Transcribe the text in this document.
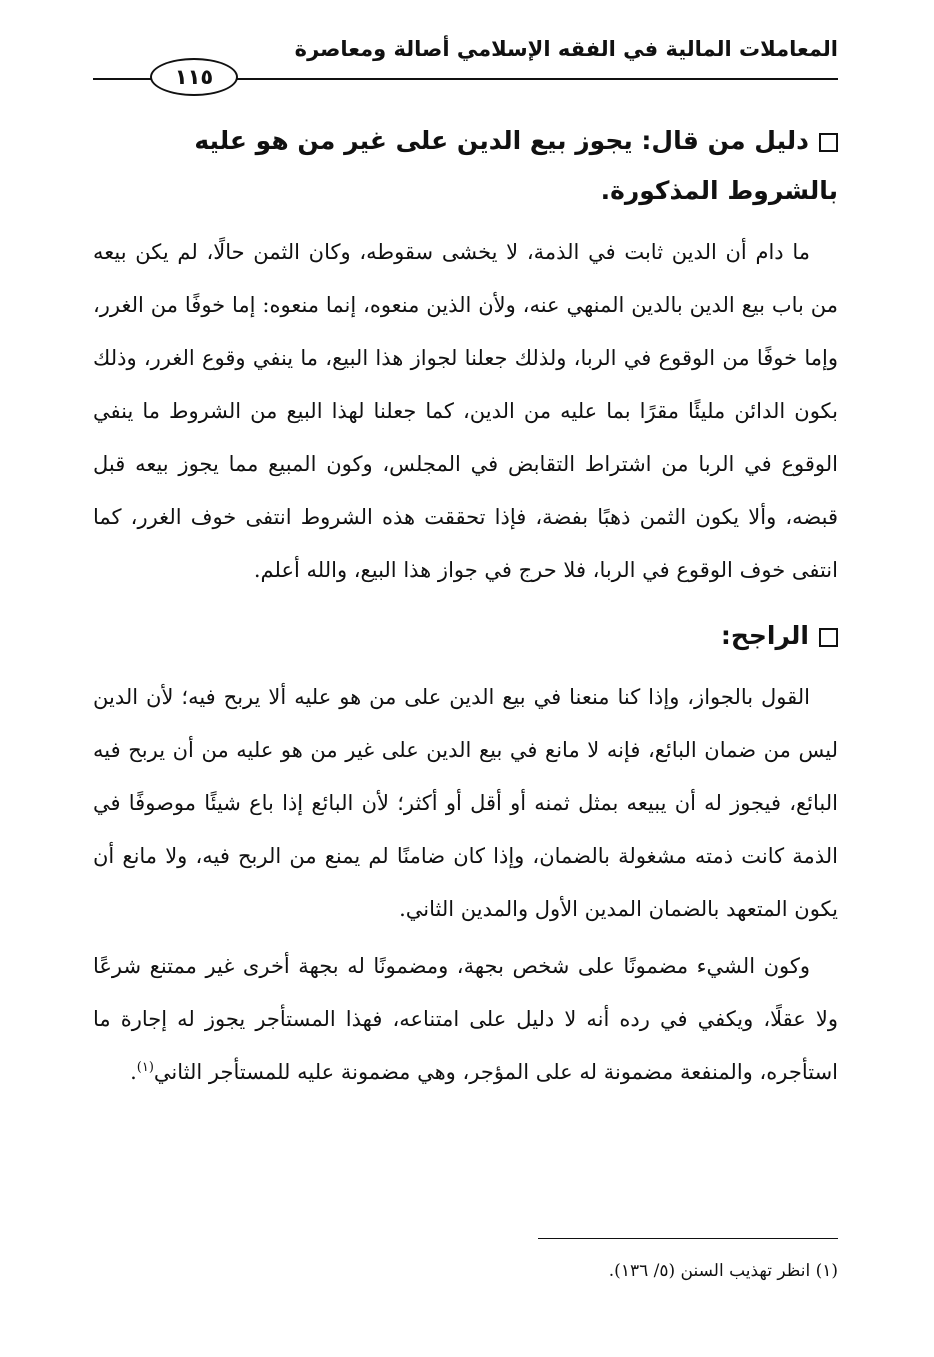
المعاملات المالية في الفقه الإسلامي أصالة ومعاصرة
١١٥
دليل من قال: يجوز بيع الدين على غير من هو عليه بالشروط المذكورة.

ما دام أن الدين ثابت في الذمة، لا يخشى سقوطه، وكان الثمن حالًا، لم يكن بيعه من باب بيع الدين بالدين المنهي عنه، ولأن الذين منعوه، إنما منعوه: إما خوفًا من الغرر، وإما خوفًا من الوقوع في الربا، ولذلك جعلنا لجواز هذا البيع، ما ينفي وقوع الغرر، وذلك بكون الدائن مليئًا مقرًا بما عليه من الدين، كما جعلنا لهذا البيع من الشروط ما ينفي الوقوع في الربا من اشتراط التقابض في المجلس، وكون المبيع مما يجوز بيعه قبل قبضه، وألا يكون الثمن ذهبًا بفضة، فإذا تحققت هذه الشروط انتفى خوف الغرر، كما انتفى خوف الوقوع في الربا، فلا حرج في جواز هذا البيع، والله أعلم.

الراجح:

القول بالجواز، وإذا كنا منعنا في بيع الدين على من هو عليه ألا يربح فيه؛ لأن الدين ليس من ضمان البائع، فإنه لا مانع في بيع الدين على غير من هو عليه من أن يربح فيه البائع، فيجوز له أن يبيعه بمثل ثمنه أو أقل أو أكثر؛ لأن البائع إذا باع شيئًا موصوفًا في الذمة كانت ذمته مشغولة بالضمان، وإذا كان ضامنًا لم يمنع من الربح فيه، ولا مانع أن يكون المتعهد بالضمان المدين الأول والمدين الثاني.

وكون الشيء مضمونًا على شخص بجهة، ومضمونًا له بجهة أخرى غير ممتنع شرعًا ولا عقلًا، ويكفي في رده أنه لا دليل على امتناعه، فهذا المستأجر يجوز له إجارة ما استأجره، والمنفعة مضمونة له على المؤجر، وهي مضمونة عليه للمستأجر الثاني$^{(١)}$.

(١) انظر تهذيب السنن (٥/ ١٣٦).
